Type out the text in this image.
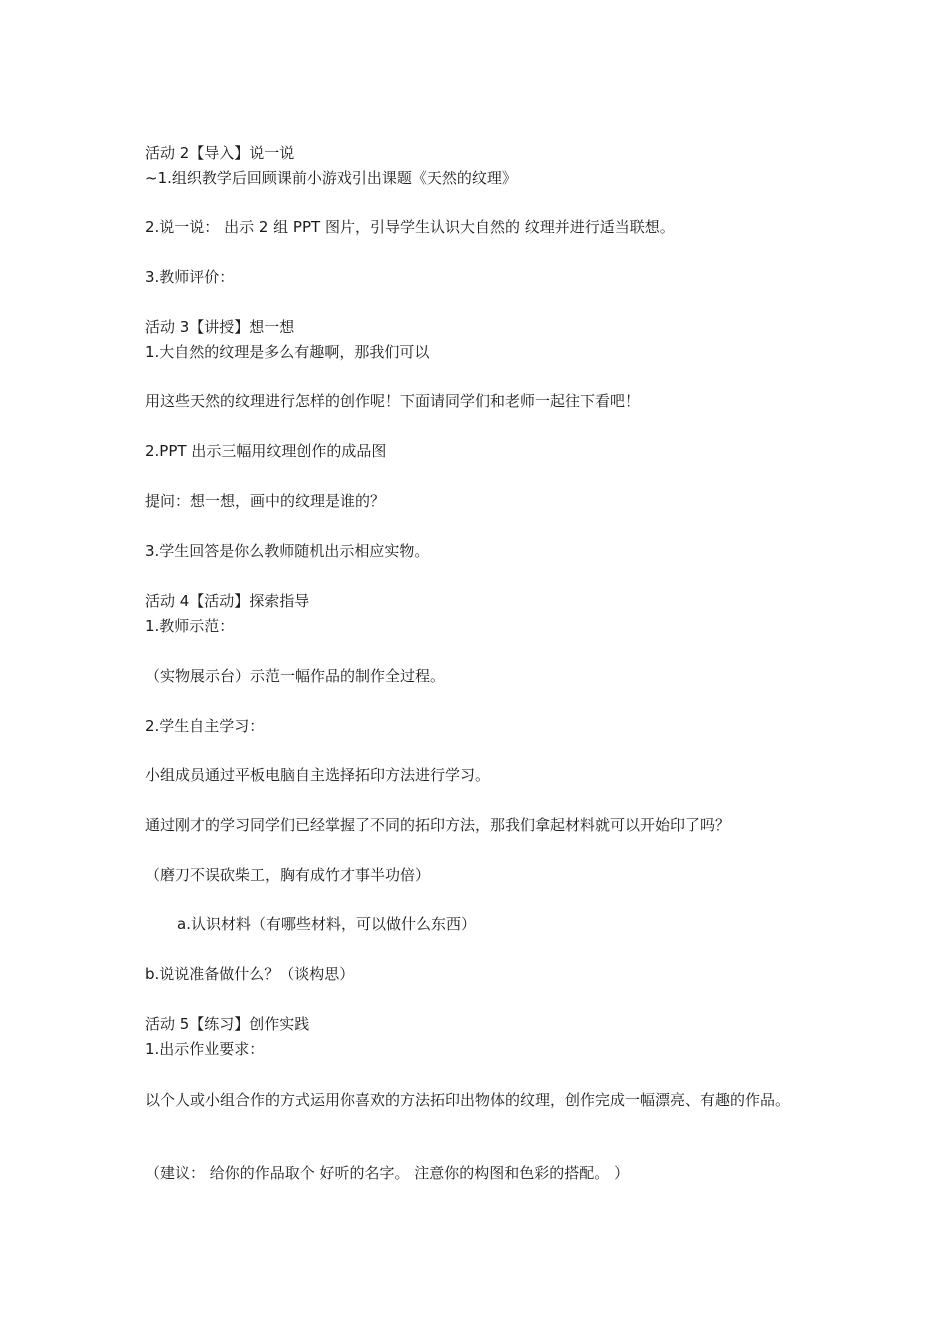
活动 2【导入】说一说
~1.组织教学后回顾课前小游戏引出课题《天然的纹理》
2.说一说： 出示 2 组 PPT 图片，引导学生认识大自然的 纹理并进行适当联想。
3.教师评价：
活动 3【讲授】想一想
1.大自然的纹理是多么有趣啊，那我们可以
用这些天然的纹理进行怎样的创作呢！下面请同学们和老师一起往下看吧！
2.PPT 出示三幅用纹理创作的成品图
提问：想一想，画中的纹理是谁的？
3.学生回答是你么教师随机出示相应实物。
活动 4【活动】探索指导
1.教师示范：
（实物展示台）示范一幅作品的制作全过程。
2.学生自主学习：
小组成员通过平板电脑自主选择拓印方法进行学习。
通过刚才的学习同学们已经掌握了不同的拓印方法，那我们拿起材料就可以开始印了吗？
（磨刀不误砍柴工，胸有成竹才事半功倍）
a.认识材料（有哪些材料，可以做什么东西）
b.说说准备做什么？（谈构思）
活动 5【练习】创作实践
1.出示作业要求：
以个人或小组合作的方式运用你喜欢的方法拓印出物体的纹理，创作完成一幅漂亮、有趣的作品。
（建议： 给你的作品取个 好听的名字。 注意你的构图和色彩的搭配。 ）
